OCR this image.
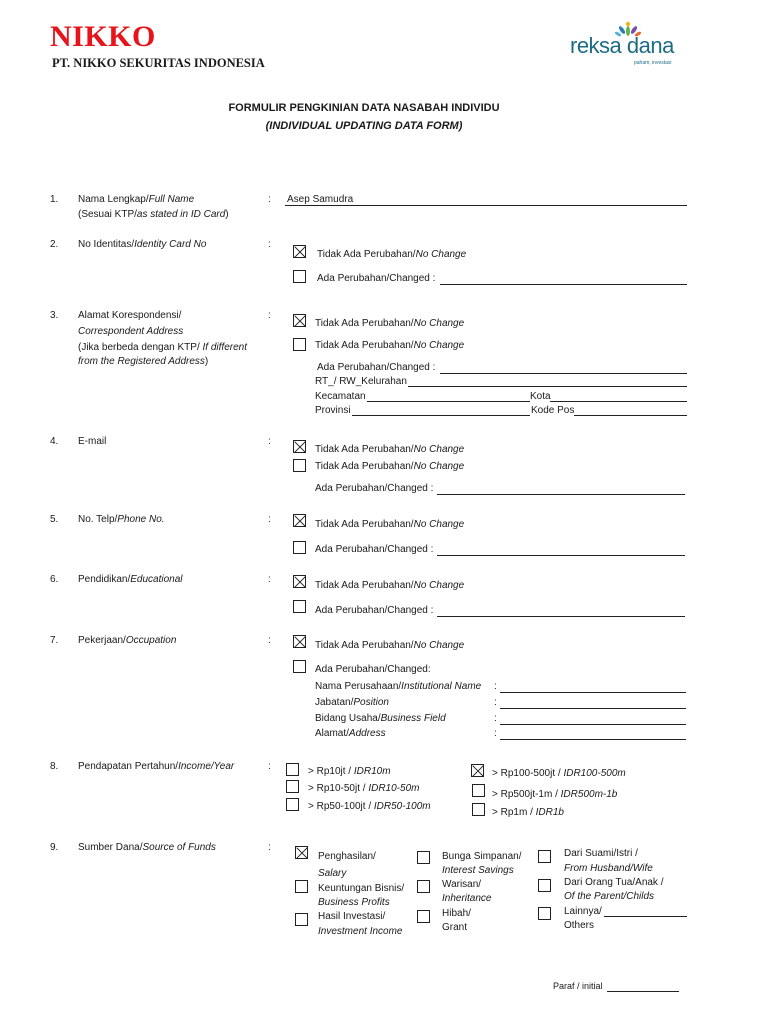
NIKKO
PT. NIKKO SEKURITAS INDONESIA
reksa dana
paham, investasi
FORMULIR PENGKINIAN DATA NASABAH INDIVIDU
(INDIVIDUAL UPDATING DATA FORM)
1. Nama Lengkap/Full Name
(Sesuai KTP/as stated in ID Card)
: Asep Samudra
2. No Identitas/Identity Card No	:
Tidak Ada Perubahan/No Change
Ada Perubahan/Changed :
3. Alamat Korespondensi/
Correspondent Address
(Jika berbeda dengan KTP/ If different
from the Registered Address)
:
Tidak Ada Perubahan/No Change
Tidak Ada Perubahan/No Change
Ada Perubahan/Changed :
RT_/ RW_Kelurahan
Kecamatan	Kota
Provinsi	Kode Pos
4. E-mail	:
Tidak Ada Perubahan/No Change
Tidak Ada Perubahan/No Change
Ada Perubahan/Changed :
5. No. Telp/Phone No.	:	Tidak Ada Perubahan/No Change
Ada Perubahan/Changed :
6. Pendidikan/Educational	:
Tidak Ada Perubahan/No Change
Ada Perubahan/Changed :
7. Pekerjaan/Occupation	:	Tidak Ada Perubahan/No Change
Ada Perubahan/Changed:
Nama Perusahaan/Institutional Name :
Jabatan/Position	:
Bidang Usaha/Business Field	:
Alamat/Address	:
8. Pendapatan Pertahun/Income/Year	:	> Rp10jt / IDR10m
> Rp10-50jt / IDR10-50m
> Rp50-100jt / IDR50-100m
> Rp100-500jt / IDR100-500m
> Rp500jt-1m / IDR500m-1b
> Rp1m / IDR1b
9. Sumber Dana/Source of Funds	:
Penghasilan/
Salary
Keuntungan Bisnis/
Business Profits
Hasil Investasi/
Investment Income
Bunga Simpanan/
Interest Savings
Warisan/
Inheritance
Hibah/
Grant
Dari Suami/Istri /
From Husband/Wife
Dari Orang Tua/Anak /
Of the Parent/Childs
Lainnya/
Others
Paraf / initial
